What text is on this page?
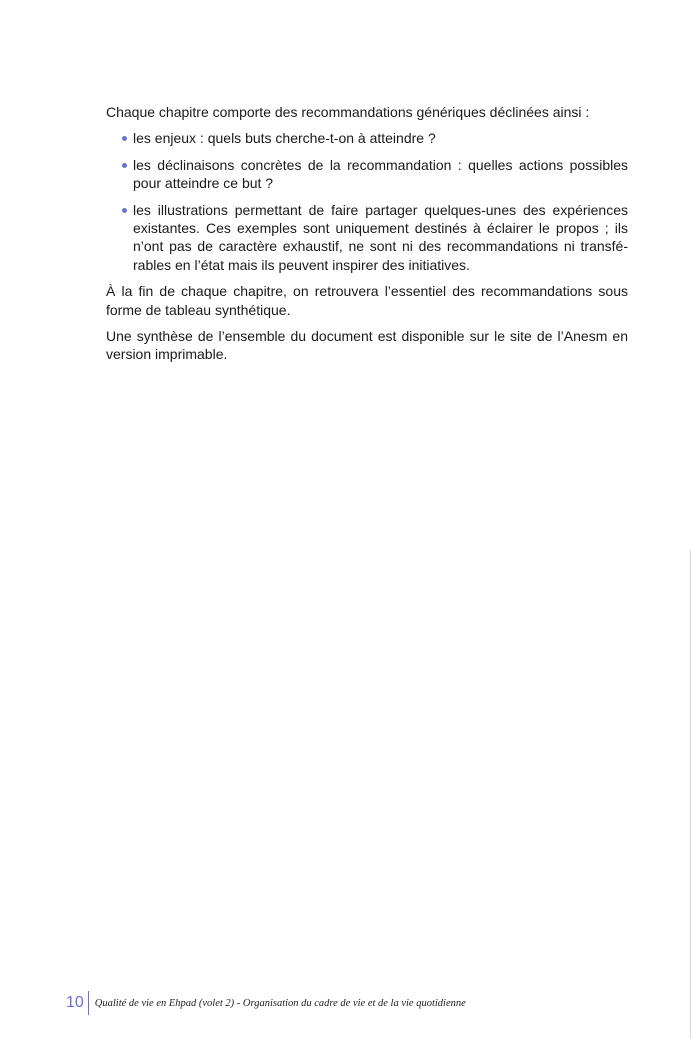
Chaque chapitre comporte des recommandations génériques déclinées ainsi :

les enjeux : quels buts cherche-t-on à atteindre ?
les déclinaisons concrètes de la recommandation : quelles actions possibles pour atteindre ce but ?
les illustrations permettant de faire partager quelques-unes des expériences existantes. Ces exemples sont uniquement destinés à éclairer le propos ; ils n’ont pas de caractère exhaustif, ne sont ni des recommandations ni transfé-rables en l’état mais ils peuvent inspirer des initiatives.

À la fin de chaque chapitre, on retrouvera l’essentiel des recommandations sous forme de tableau synthétique.

Une synthèse de l’ensemble du document est disponible sur le site de l’Anesm en version imprimable.

10	Qualité de vie en Ehpad (volet 2) - Organisation du cadre de vie et de la vie quotidienne
